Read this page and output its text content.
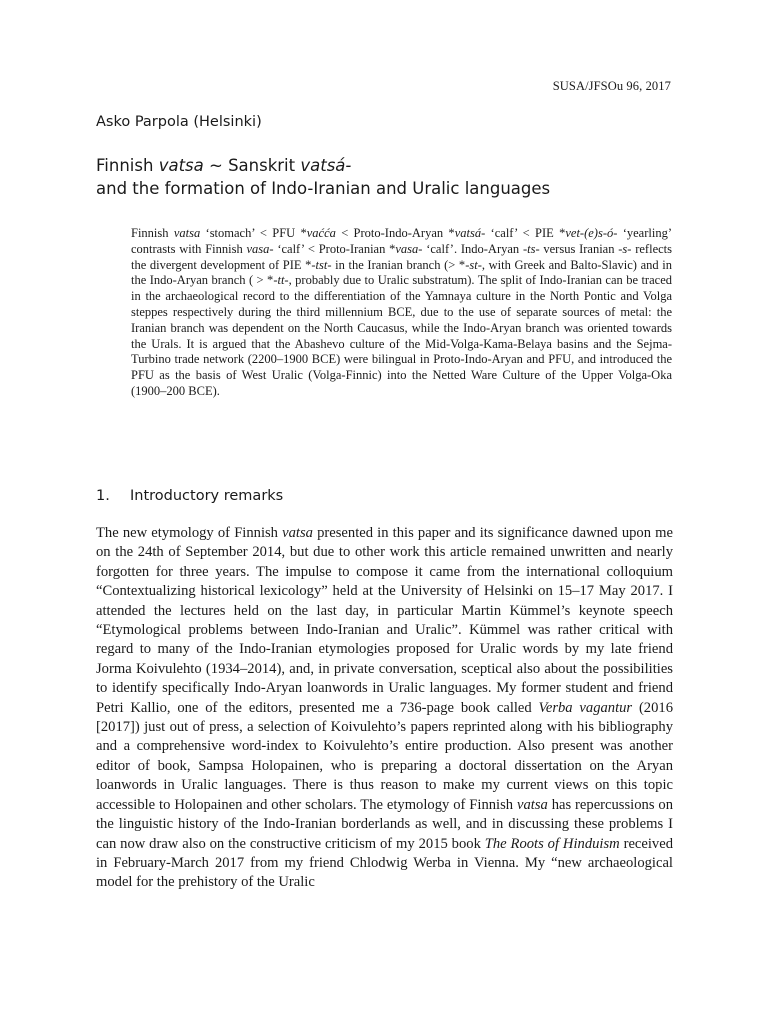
SUSA/JFSOu 96, 2017
Asko Parpola (Helsinki)
Finnish vatsa ~ Sanskrit vatsá-
and the formation of Indo-Iranian and Uralic languages

Finnish vatsa ‘stomach’ < PFU *vaćća < Proto-Indo-Aryan *vatsá- ‘calf’ < PIE *vet-(e)s-ó- ‘yearling’ contrasts with Finnish vasa- ‘calf’ < Proto-Iranian *vasa- ‘calf’. Indo-Aryan -ts- versus Iranian -s- reflects the divergent development of PIE *-tst- in the Iranian branch (> *-st-, with Greek and Balto-Slavic) and in the Indo-Aryan branch ( > *-tt-, probably due to Uralic substratum). The split of Indo-Iranian can be traced in the archaeological record to the differentiation of the Yamnaya culture in the North Pontic and Volga steppes respectively during the third millennium BCE, due to the use of separate sources of metal: the Iranian branch was dependent on the North Caucasus, while the Indo-Aryan branch was oriented towards the Urals. It is argued that the Abashevo culture of the Mid-Volga-Kama-Belaya basins and the Sejma-Turbino trade network (2200–1900 BCE) were bilingual in Proto-Indo-Aryan and PFU, and introduced the PFU as the basis of West Uralic (Volga-Finnic) into the Netted Ware Culture of the Upper Volga-Oka (1900–200 BCE).

1. Introductory remarks

The new etymology of Finnish vatsa presented in this paper and its significance dawned upon me on the 24th of September 2014, but due to other work this article remained unwritten and nearly forgotten for three years. The impulse to compose it came from the international colloquium “Contextualizing historical lexicology” held at the University of Helsinki on 15–17 May 2017. I attended the lectures held on the last day, in particular Martin Kümmel’s keynote speech “Etymological problems between Indo-Iranian and Uralic”. Kümmel was rather critical with regard to many of the Indo-Iranian etymologies proposed for Uralic words by my late friend Jorma Koivulehto (1934–2014), and, in private conversation, sceptical also about the possibilities to identify specifically Indo-Aryan loanwords in Uralic languages. My former student and friend Petri Kallio, one of the editors, presented me a 736-page book called Verba vagantur (2016 [2017]) just out of press, a selection of Koivulehto’s papers reprinted along with his bibliography and a comprehensive word-index to Koivulehto’s entire production. Also present was another editor of book, Sampsa Holopainen, who is preparing a doctoral dissertation on the Aryan loanwords in Uralic languages. There is thus reason to make my current views on this topic accessible to Holopainen and other scholars. The etymology of Finnish vatsa has repercussions on the linguistic history of the Indo-Iranian borderlands as well, and in discussing these problems I can now draw also on the constructive criticism of my 2015 book The Roots of Hinduism received in February-March 2017 from my friend Chlodwig Werba in Vienna. My “new archaeological model for the prehistory of the Uralic
